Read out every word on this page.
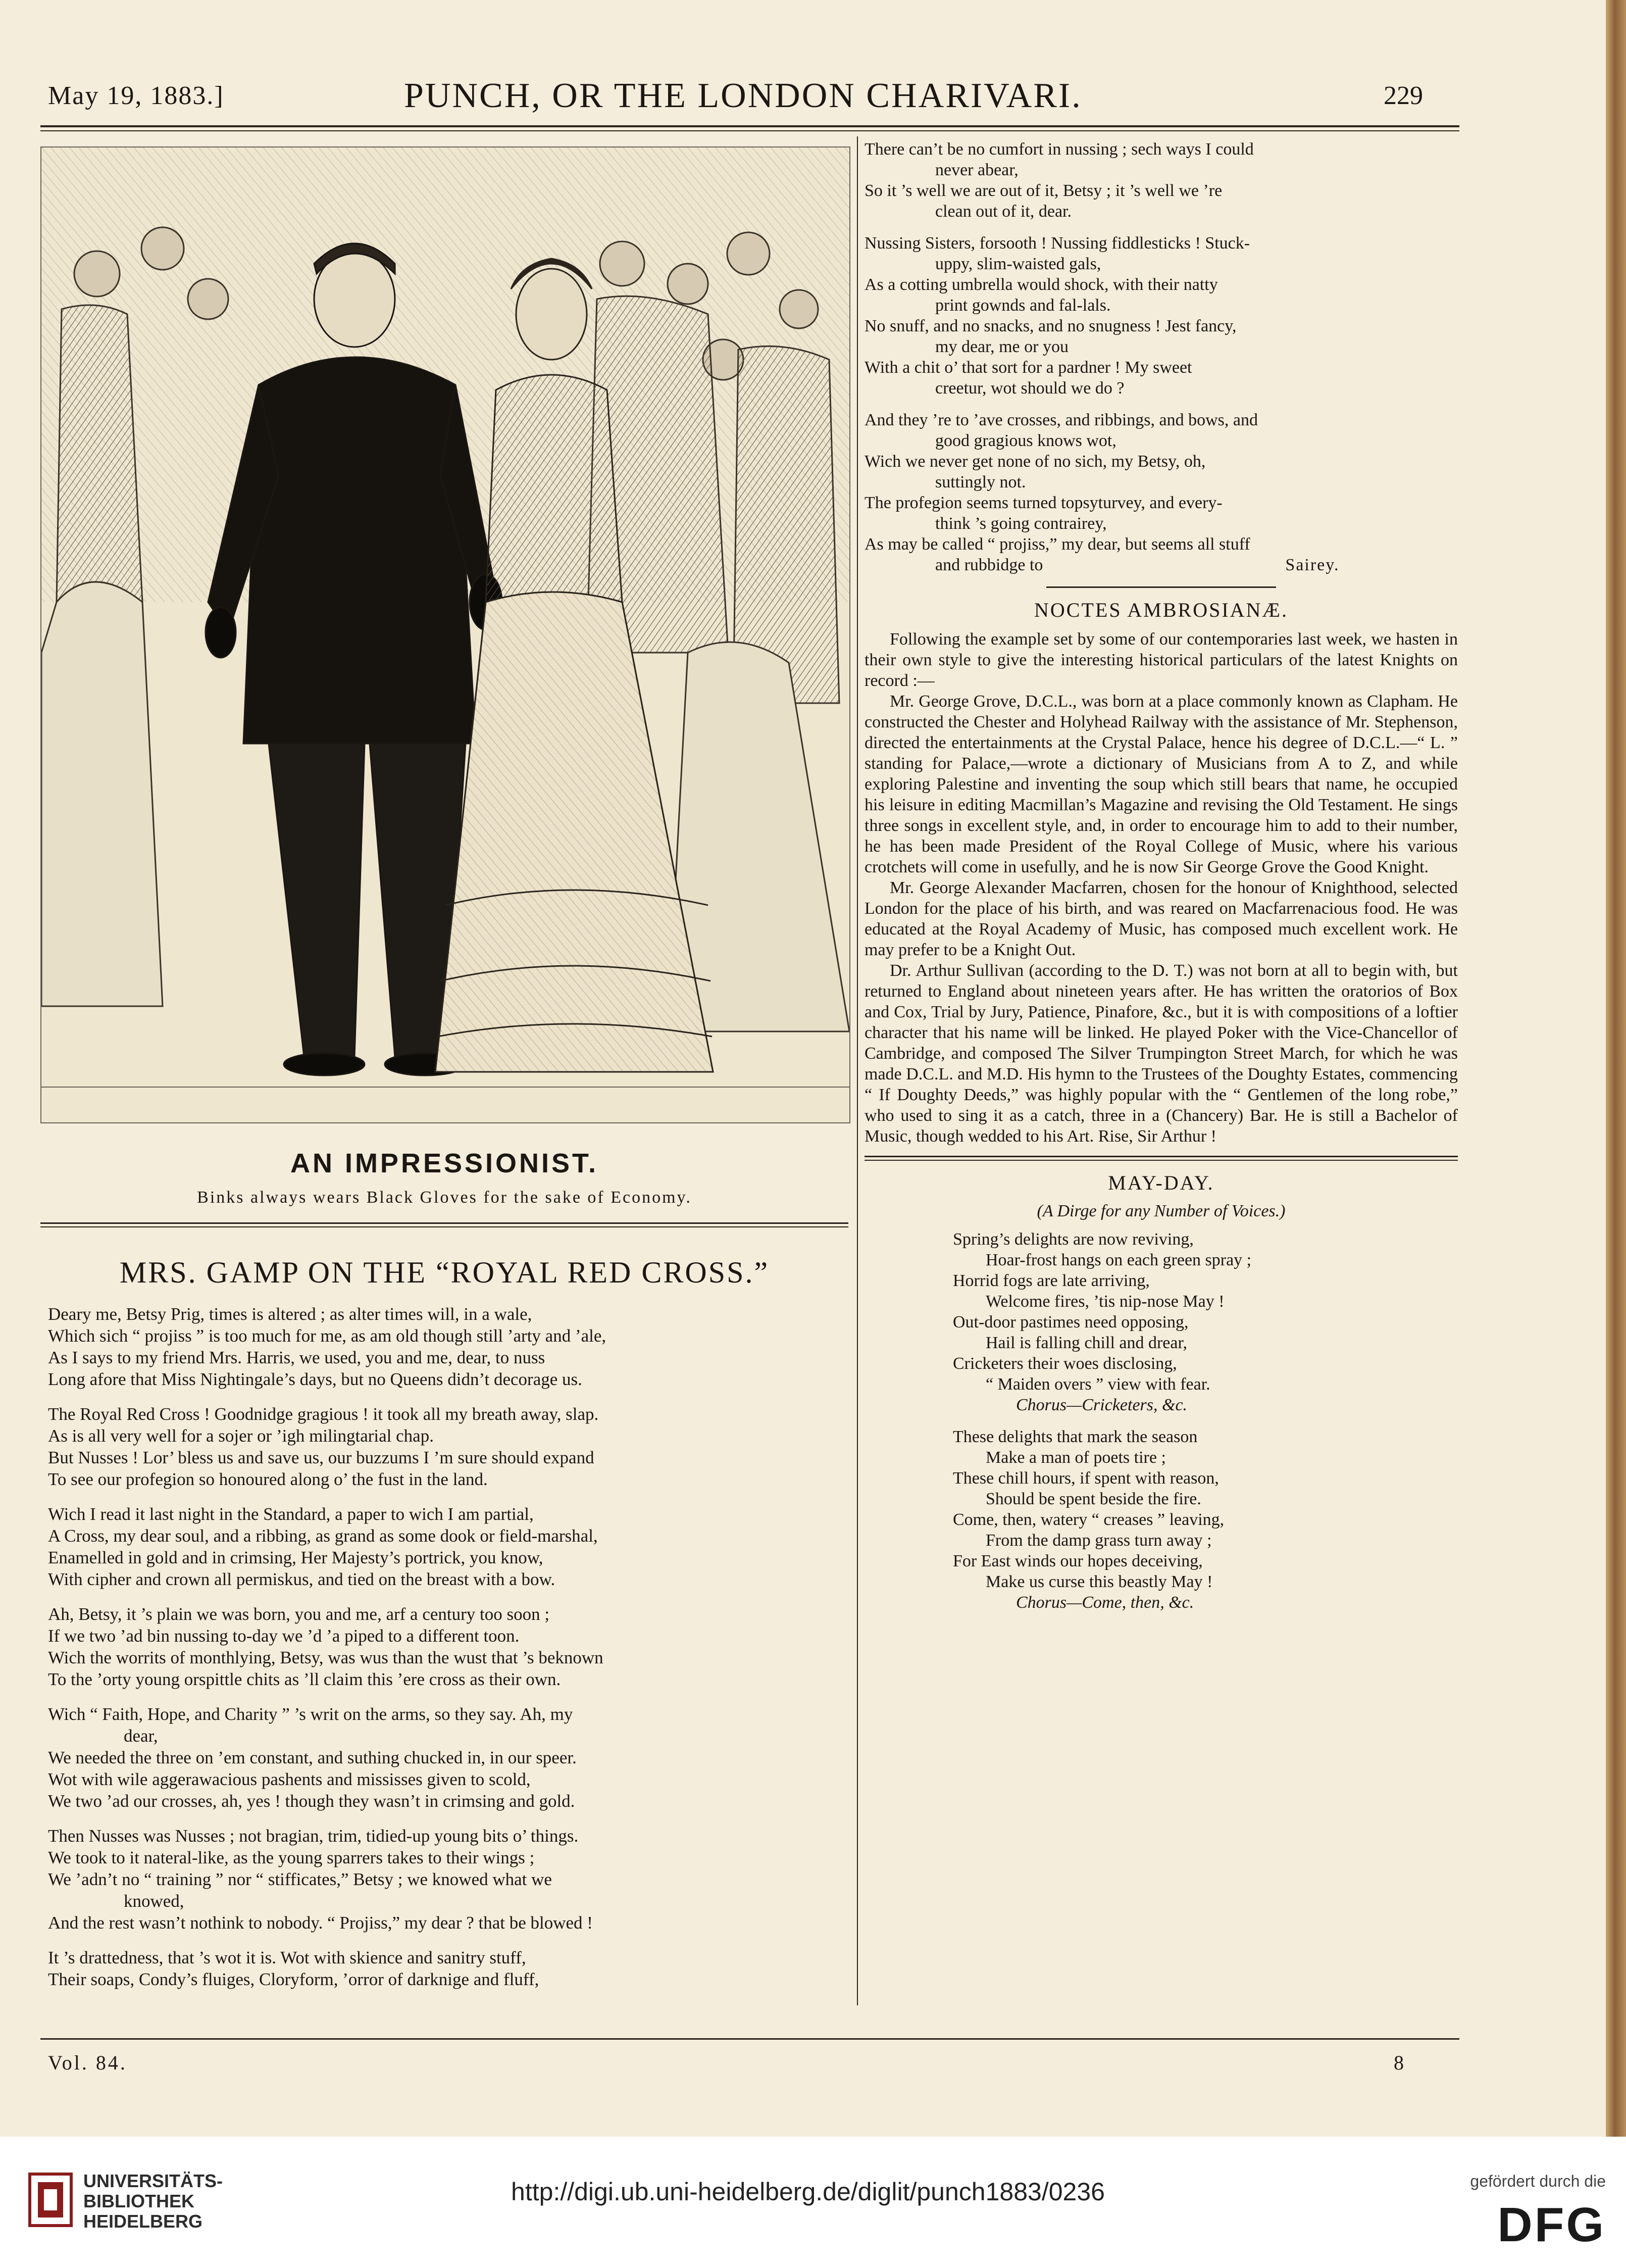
May 19, 1883.]	PUNCH, OR THE LONDON CHARIVARI.	229
AN IMPRESSIONIST.
Binks always wears Black Gloves for the sake of Economy.
MRS. GAMP ON THE “ROYAL RED CROSS.”

Deary me, Betsy Prig, times is altered ; as alter times will, in a wale,
Which sich “ projiss ” is too much for me, as am old though still ’arty and ’ale,
As I says to my friend Mrs. Harris, we used, you and me, dear, to nuss
Long afore that Miss Nightingale’s days, but no Queens didn’t decorage us.

The Royal Red Cross ! Goodnidge gragious ! it took all my breath away, slap.
As is all very well for a sojer or ’igh milingtarial chap.
But Nusses ! Lor’ bless us and save us, our buzzums I ’m sure should expand
To see our profegion so honoured along o’ the fust in the land.

Wich I read it last night in the Standard, a paper to wich I am partial,
A Cross, my dear soul, and a ribbing, as grand as some dook or field-marshal,
Enamelled in gold and in crimsing, Her Majesty’s portrick, you know,
With cipher and crown all permiskus, and tied on the breast with a bow.

Ah, Betsy, it ’s plain we was born, you and me, arf a century too soon ;
If we two ’ad bin nussing to-day we ’d ’a piped to a different toon.
Wich the worrits of monthlying, Betsy, was wus than the wust that ’s beknown
To the ’orty young orspittle chits as ’ll claim this ’ere cross as their own.

Wich “ Faith, Hope, and Charity ” ’s writ on the arms, so they say. Ah, my
dear,
We needed the three on ’em constant, and suthing chucked in, in our speer.
Wot with wile aggerawacious pashents and mississes given to scold,
We two ’ad our crosses, ah, yes ! though they wasn’t in crimsing and gold.

Then Nusses was Nusses ; not bragian, trim, tidied-up young bits o’ things.
We took to it nateral-like, as the young sparrers takes to their wings ;
We ’adn’t no “ training ” nor “ stifficates,” Betsy ; we knowed what we
knowed,
And the rest wasn’t nothink to nobody. “ Projiss,” my dear ? that be blowed !

It ’s drattedness, that ’s wot it is. Wot with skience and sanitry stuff,
Their soaps, Condy’s fluiges, Cloryform, ’orror of darknige and fluff,

There can’t be no cumfort in nussing ; sech ways I could
never abear,
So it ’s well we are out of it, Betsy ; it ’s well we ’re
clean out of it, dear.
Nussing Sisters, forsooth ! Nussing fiddlesticks ! Stuck-
uppy, slim-waisted gals,
As a cotting umbrella would shock, with their natty
print gownds and fal-lals.
No snuff, and no snacks, and no snugness ! Jest fancy,
my dear, me or you
With a chit o’ that sort for a pardner ! My sweet
creetur, wot should we do ?
And they ’re to ’ave crosses, and ribbings, and bows, and
good gragious knows wot,
Wich we never get none of no sich, my Betsy, oh,
suttingly not.
The profegion seems turned topsyturvey, and every-
think ’s going contrairey,
As may be called “ projiss,” my dear, but seems all stuff
and rubbidge to	Sairey.
NOCTES AMBROSIANÆ.

Following the example set by some of our contemporaries last week, we hasten in their own style to give the interesting historical particulars of the latest Knights on record :—

Mr. George Grove, D.C.L., was born at a place commonly known as Clapham. He constructed the Chester and Holyhead Railway with the assistance of Mr. Stephenson, directed the entertainments at the Crystal Palace, hence his degree of D.C.L.—“ L. ” standing for Palace,—wrote a dictionary of Musicians from A to Z, and while exploring Palestine and inventing the soup which still bears that name, he occupied his leisure in editing Macmillan’s Magazine and revising the Old Testament. He sings three songs in excellent style, and, in order to encourage him to add to their number, he has been made President of the Royal College of Music, where his various crotchets will come in usefully, and he is now Sir George Grove the Good Knight.

Mr. George Alexander Macfarren, chosen for the honour of Knighthood, selected London for the place of his birth, and was reared on Macfarrenacious food. He was educated at the Royal Academy of Music, has composed much excellent work. He may prefer to be a Knight Out.

Dr. Arthur Sullivan (according to the D. T.) was not born at all to begin with, but returned to England about nineteen years after. He has written the oratorios of Box and Cox, Trial by Jury, Patience, Pinafore, &c., but it is with compositions of a loftier character that his name will be linked. He played Poker with the Vice-Chancellor of Cambridge, and composed The Silver Trumpington Street March, for which he was made D.C.L. and M.D. His hymn to the Trustees of the Doughty Estates, commencing “ If Doughty Deeds,” was highly popular with the “ Gentlemen of the long robe,” who used to sing it as a catch, three in a (Chancery) Bar. He is still a Bachelor of Music, though wedded to his Art. Rise, Sir Arthur !

MAY-DAY.
(A Dirge for any Number of Voices.)
Spring’s delights are now reviving,
Hoar-frost hangs on each green spray ;
Horrid fogs are late arriving,
Welcome fires, ’tis nip-nose May !
Out-door pastimes need opposing,
Hail is falling chill and drear,
Cricketers their woes disclosing,
“ Maiden overs ” view with fear.
Chorus—Cricketers, &c.
These delights that mark the season
Make a man of poets tire ;
These chill hours, if spent with reason,
Should be spent beside the fire.
Come, then, watery “ creases ” leaving,
From the damp grass turn away ;
For East winds our hopes deceiving,
Make us curse this beastly May !
Chorus—Come, then, &c.
Vol. 84.	8
UNIVERSITÄTS-
BIBLIOTHEK
HEIDELBERG
http://digi.ub.uni-heidelberg.de/diglit/punch1883/0236	gefördert durch die
DFG
